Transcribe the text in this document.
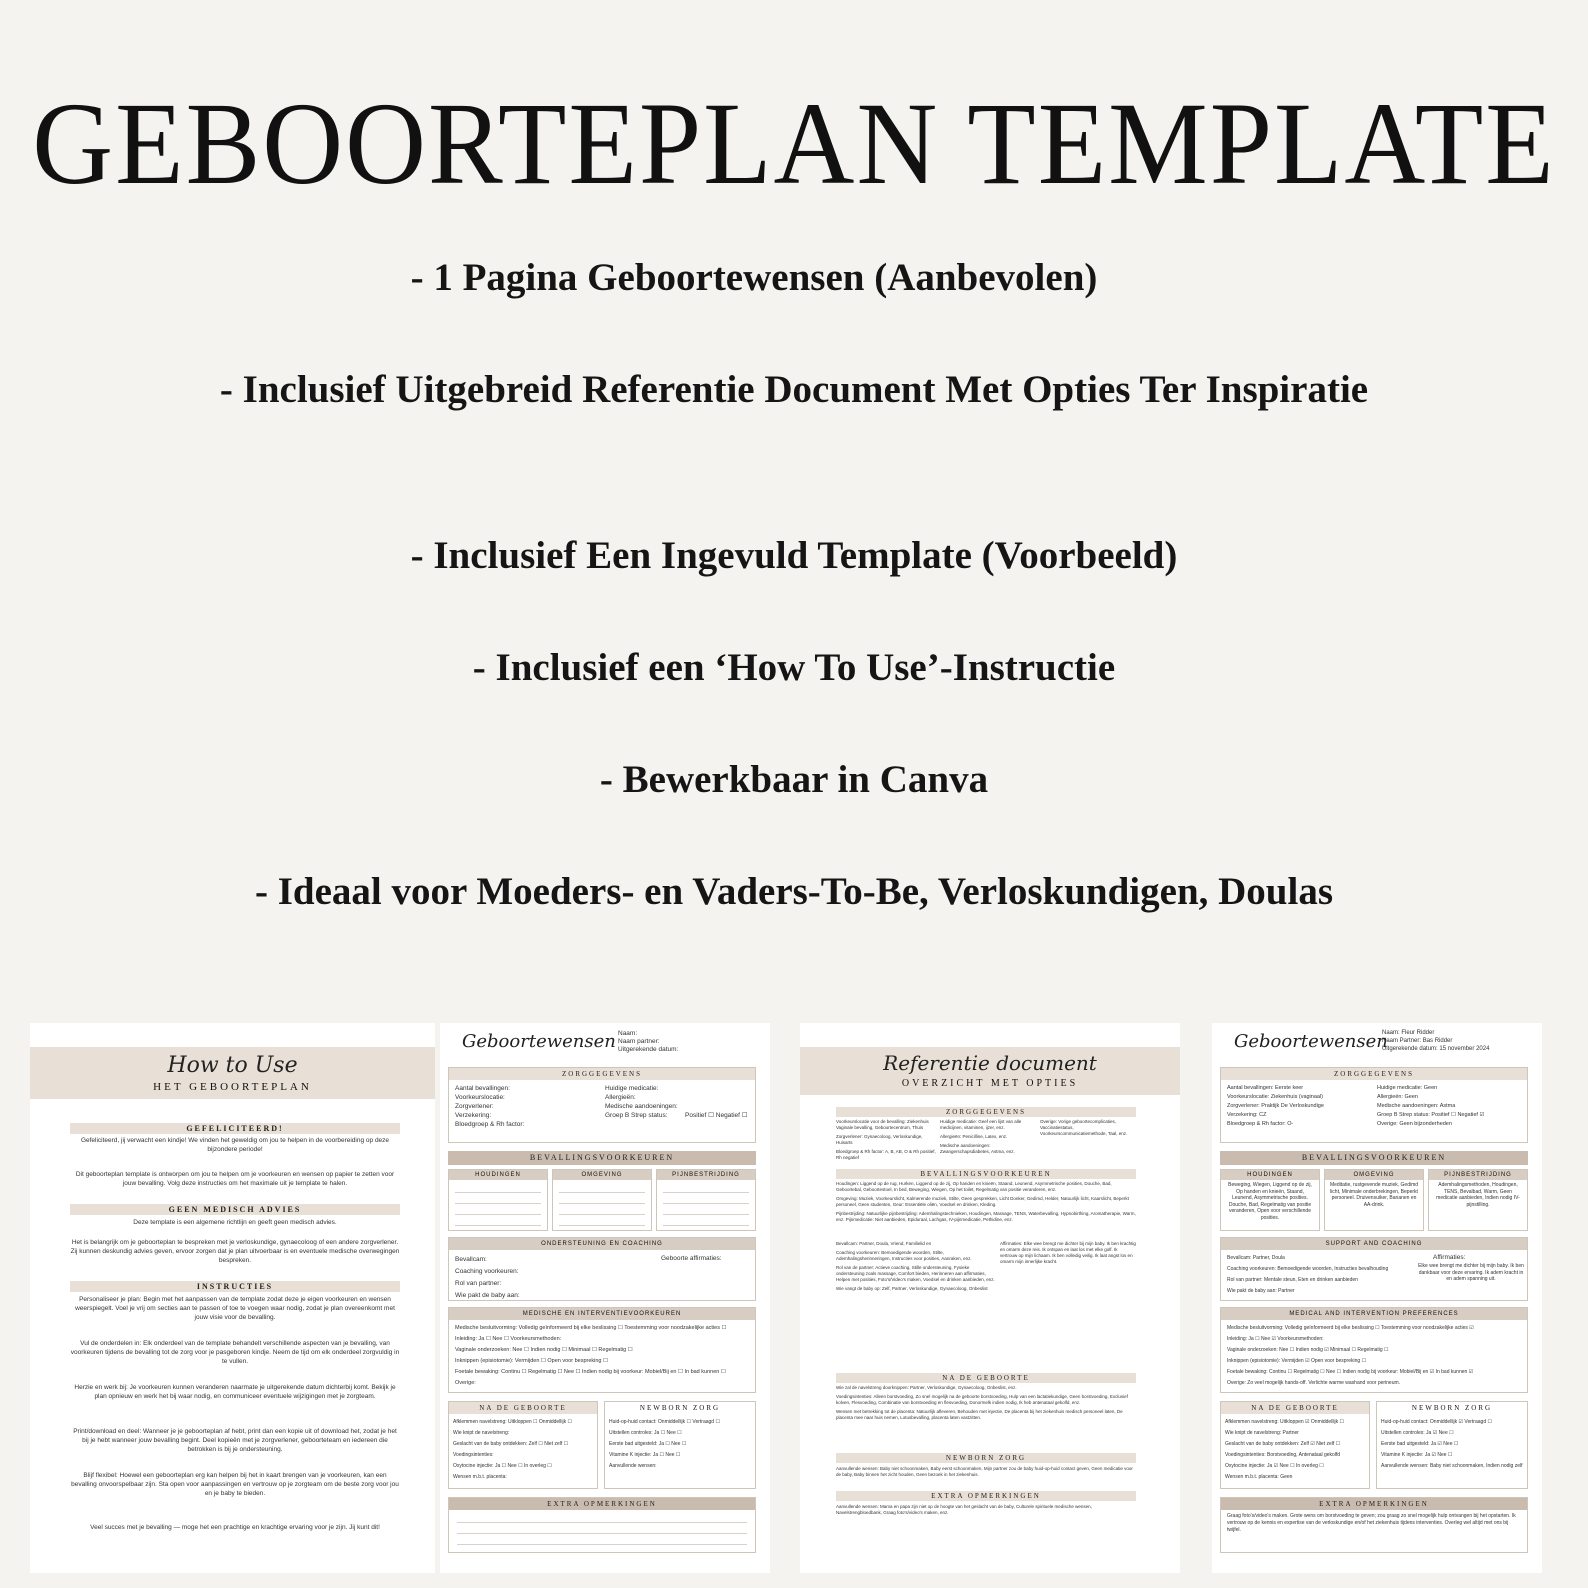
GEBOORTEPLAN TEMPLATE
- 1 Pagina Geboortewensen (Aanbevolen)
- Inclusief Uitgebreid Referentie Document Met Opties Ter Inspiratie
- Inclusief Een Ingevuld Template (Voorbeeld)
- Inclusief een ‘How To Use’-Instructie
- Bewerkbaar in Canva
- Ideaal voor Moeders- en Vaders-To-Be, Verloskundigen, Doulas
How to Use
HET GEBOORTEPLAN
GEFELICITEERD!
Gefeliciteerd, jij verwacht een kindje! We vinden het geweldig om jou te helpen in de voorbereiding op deze bijzondere periode!
Dit geboorteplan template is ontworpen om jou te helpen om je voorkeuren en wensen op papier te zetten voor jouw bevalling. Volg deze instructies om het maximale uit je template te halen.
GEEN MEDISCH ADVIES
Deze template is een algemene richtlijn en geeft geen medisch advies.
Het is belangrijk om je geboorteplan te bespreken met je verloskundige, gynaecoloog of een andere zorgverlener. Zij kunnen deskundig advies geven, ervoor zorgen dat je plan uitvoerbaar is en eventuele medische overwegingen bespreken.
INSTRUCTIES
Personaliseer je plan: Begin met het aanpassen van de template zodat deze je eigen voorkeuren en wensen weerspiegelt. Voel je vrij om secties aan te passen of toe te voegen waar nodig, zodat je plan overeenkomt met jouw visie voor de bevalling.
Vul de onderdelen in: Elk onderdeel van de template behandelt verschillende aspecten van je bevalling, van voorkeuren tijdens de bevalling tot de zorg voor je pasgeboren kindje. Neem de tijd om elk onderdeel zorgvuldig in te vullen.
Herzie en werk bij: Je voorkeuren kunnen veranderen naarmate je uitgerekende datum dichterbij komt. Bekijk je plan opnieuw en werk het bij waar nodig, en communiceer eventuele wijzigingen met je zorgteam.
Print/download en deel: Wanneer je je geboorteplan af hebt, print dan een kopie uit of download het, zodat je het bij je hebt wanneer jouw bevalling begint. Deel kopieën met je zorgverlener, geboorteteam en iedereen die betrokken is bij je ondersteuning.
Blijf flexibel: Hoewel een geboorteplan erg kan helpen bij het in kaart brengen van je voorkeuren, kan een bevalling onvoorspelbaar zijn. Sta open voor aanpassingen en vertrouw op je zorgteam om de beste zorg voor jou en je baby te bieden.
Veel succes met je bevalling — moge het een prachtige en krachtige ervaring voor je zijn. Jij kunt dit!
Geboortewensen Naam:
Naam partner:
Uitgerekende datum:
ZORGGEGEVENS
Aantal bevallingen:
Voorkeurslocatie:
Zorgverlener:
Verzekering:
Bloedgroep & Rh factor:
Huidige medicatie:
Allergieën:
Medische aandoeningen:
Groep B Strep status:	Positief ☐ Negatief ☐
BEVALLINGSVOORKEUREN
HOUDINGEN	OMGEVING	PIJNBESTRIJDING
ONDERSTEUNING EN COACHING
Bevallcam:
Coaching voorkeuren:
Rol van partner:
Wie pakt de baby aan:
Geboorte affirmaties:
MEDISCHE EN INTERVENTIEVOORKEUREN
Medische besluitvorming: Volledig geïnformeerd bij elke beslissing ☐ Toestemming voor noodzakelijke acties ☐
Inleiding: Ja ☐ Nee ☐ Voorkeursmethoden:
Vaginale onderzoeken: Nee ☐ Indien nodig ☐ Minimaal ☐ Regelmatig ☐
Inknippen (episiotomie): Vermijden ☐ Open voor bespreking ☐
Foetale bewaking: Continu ☐ Regelmatig ☐ Nee ☐ Indien nodig bij voorkeur: Mobiel/Bij en ☐ In bad kunnen ☐
Overige:
NA DE GEBOORTE
Afklemmen navelstreng: Uitkloppen ☐ Onmiddellijk ☐
Wie knipt de navelstreng:
Geslacht van de baby ontdekken: Zelf ☐ Niet zelf ☐
Voedingsintenties:
Oxytocine injectie: Ja ☐ Nee ☐ In overleg ☐
Wensen m.b.t. placenta:
NEWBORN ZORG
Huid-op-huid contact: Onmiddellijk ☐ Vertraagd ☐
Uitstellen controles: Ja ☐ Nee ☐
Eerste bad uitgesteld: Ja ☐ Nee ☐
Vitamine K injectie: Ja ☐ Nee ☐
Aanvullende wensen:
EXTRA OPMERKINGEN
Referentie document
OVERZICHT MET OPTIES
ZORGGEGEVENS
Voorkeurslocatie voor de bevalling: Ziekenhuis Vaginale bevalling, Geboortecentrum, Thuis
Zorgverlener: Gynaecoloog, Verloskundige, Huisarts
Bloedgroep & Rh factor: A, B, AB, O & Rh positief, Rh negatief
Huidige medicatie: Geef een lijst van alle medicijnen, vitaminen, ijzer, enz.
Allergieën: Penicilline, Latex, enz.
Medische aandoeningen: Zwangerschapsdiabetes, Astma, enz.
Overige: Vorige geboortecomplicaties, Vaccinatiestatus, Voorkeurscommunicatiemethode, Taal, enz.
BEVALLINGSVOORKEUREN
Houdingen: Liggend op de rug, Hurken, Liggend op de zij, Op handen en knieën, Staand, Leunend, Asymmetrische posities, Douche, Bad, Geboortebal, Geboortestoel, In bed, Beweging, Wiegen, Op het toilet, Regelmatig van positie veranderen, enz.
Omgeving: Muziek, Voorkeurslicht, Kalmerende muziek, Stilte, Geen gesprekken, Licht Donker, Gedimd, Helder, Natuurlijk licht, Kaarslicht, Beperkt personeel, Geen studenten, Geur: Essentiële oliën, Voedsel en drinken, Kleding.
Pijnbestrijding: Natuurlijke pijnbestrijding: Ademhalingstechnieken, Houdingen, Massage, TENS, Waterbevalling, Hypnobirthing, Aromatherapie, Warm, enz. Pijnmedicatie: Niet aanbieden, Epiduraal, Lachgas, IV-pijnmedicatie, Pethidine, enz.
Bevallcam: Partner, Doula, Vriend, Familielid en
Coaching voorkeuren: Bemoedigende woorden, Stilte, Ademhalingsherinneringen, Instructies voor posities, Aanraken, enz.
Rol van de partner: Actieve coaching, Stille ondersteuning, Fysieke ondersteuning zoals massage, Comfort bieden, Herinneren aan affirmaties, Helpen met posities, Foto's/Video's maken, Voedsel en drinken aanbieden, enz.
Wie vangt de baby op: Zelf, Partner, Verloskundige, Gynaecoloog, Onbeslist
Affirmaties: Elke wee brengt me dichter bij mijn baby. Ik ben krachtig en omarm deze reis. Ik ontspan en laat los met elke golf. Ik vertrouw op mijn lichaam. Ik ben volledig veilig. Ik laat angst los en omarm mijn innerlijke kracht.
NA DE GEBOORTE
Wie zal de navelstreng doorknippen: Partner, Verloskundige, Gynaecoloog, Onbeslist, enz.
Voedingsintenties: Alleen borstvoeding, Zo snel mogelijk na de geboorte borstvoeding, Hulp van een lactatiekundige, Geen borstvoeding, Exclusief kolven, Flesvoeding, Combinatie van borstvoeding en flesvoeding, Donormelk indien nodig, Ik heb antenataal gekolfd, enz.
Wensen met betrekking tot de placenta: Natuurlijk afleveren, Behouden met injectie, De placenta bij het ziekenhuis medisch personeel laten, De placenta mee naar huis nemen, Lotusbevalling, placenta laten vastzitten.
NEWBORN ZORG
Aanvullende wensen: Baby niet schoonmaken, Baby eerst schoonmaken, Mijn partner zou de baby huid-op-huid contact geven, Geen medicatie voor de baby, Baby binnen het zicht houden, Geen bezoek in het ziekenhuis.
EXTRA OPMERKINGEN
Aanvullende wensen: Mama en papa zijn niet op de hoogte van het geslacht van de baby, Culturele spirituele medische wensen, Navelstrengbloedbank, Graag foto's/video's maken, enz.
Geboortewensen
Naam: Fleur Ridder
Naam Partner: Bas Ridder
Uitgerekende datum: 15 november 2024
ZORGGEGEVENS
Aantal bevallingen: Eerste keer
Voorkeurslocatie: Ziekenhuis (vaginaal)
Zorgverlener: Praktijk De Verloskundige
Verzekering: CZ
Bloedgroep & Rh factor: O-
Huidige medicatie: Geen
Allergieën: Geen
Medische aandoeningen: Astma
Groep B Strep status: Positief ☐ Negatief ☑
Overige: Geen bijzonderheden
BEVALLINGSVOORKEUREN
HOUDINGEN
Beweging, Wiegen, Liggend op de zij, Op handen en knieën, Staand, Leunend, Asymmetrische posities. Douche, Bad, Regelmatig van positie veranderen, Open voor verschillende posities.
OMGEVING
Meditatie, rustgevende muziek, Gedimd licht, Minimale onderbrekingen, Beperkt personeel. Druivensuiker, Bananen en AA-drink.
PIJNBESTRIJDING
Ademhalingsmethoden, Houdingen, TENS, Bevalbad, Warm, Geen medicatie aanbieden, Indien nodig IV-pijnstilling.
SUPPORT AND COACHING
Bevallcam: Partner, Doula
Coaching voorkeuren: Bemoedigende woorden, Instructies bevalhouding
Rol van partner: Mentale steun, Eten en drinken aanbieden
Wie pakt de baby aan: Partner
Affirmaties:
Elke wee brengt me dichter bij mijn baby. Ik ben dankbaar voor deze ervaring. Ik adem kracht in en adem spanning uit.
MEDICAL AND INTERVENTION PREFERENCES
Medische besluitvorming: Volledig geïnformeerd bij elke beslissing ☐ Toestemming voor noodzakelijke acties ☑
Inleiding: Ja ☐ Nee ☑ Voorkeursmethoden:
Vaginale onderzoeken: Nee ☐ Indien nodig ☑ Minimaal ☐ Regelmatig ☐
Inknippen (episiotomie): Vermijden ☑ Open voor bespreking ☐
Foetale bewaking: Continu ☐ Regelmatig ☐ Nee ☐ Indien nodig bij voorkeur: Mobiel/Bij en ☑ In bad kunnen ☑
Overige: Zo veel mogelijk hands-off. Verlichte warme washand voor perineum.
NA DE GEBOORTE
Afklemmen navelstreng: Uitkloppen ☑ Onmiddellijk ☐
Wie knipt de navelstreng: Partner
Geslacht van de baby ontdekken: Zelf ☑ Niet zelf ☐
Voedingsintenties: Borstvoeding, Antenataal gekolfd
Oxytocine injectie: Ja ☑ Nee ☐ In overleg ☐
Wensen m.b.t. placenta: Geen
NEWBORN ZORG
Huid-op-huid contact: Onmiddellijk ☑ Vertraagd ☐
Uitstellen controles: Ja ☑ Nee ☐
Eerste bad uitgesteld: Ja ☑ Nee ☐
Vitamine K injectie: Ja ☑ Nee ☐
Aanvullende wensen: Baby niet schoonmaken, Indien nodig zelf
EXTRA OPMERKINGEN
Graag foto's/video's maken. Grote wens om borstvoeding te geven; zou graag zo snel mogelijk hulp ontvangen bij het opstarten. Ik vertrouw op de kennis en expertise van de verloskundige en/of het ziekenhuis tijdens interventies. Overleg wel altijd met ons bij twijfel.
